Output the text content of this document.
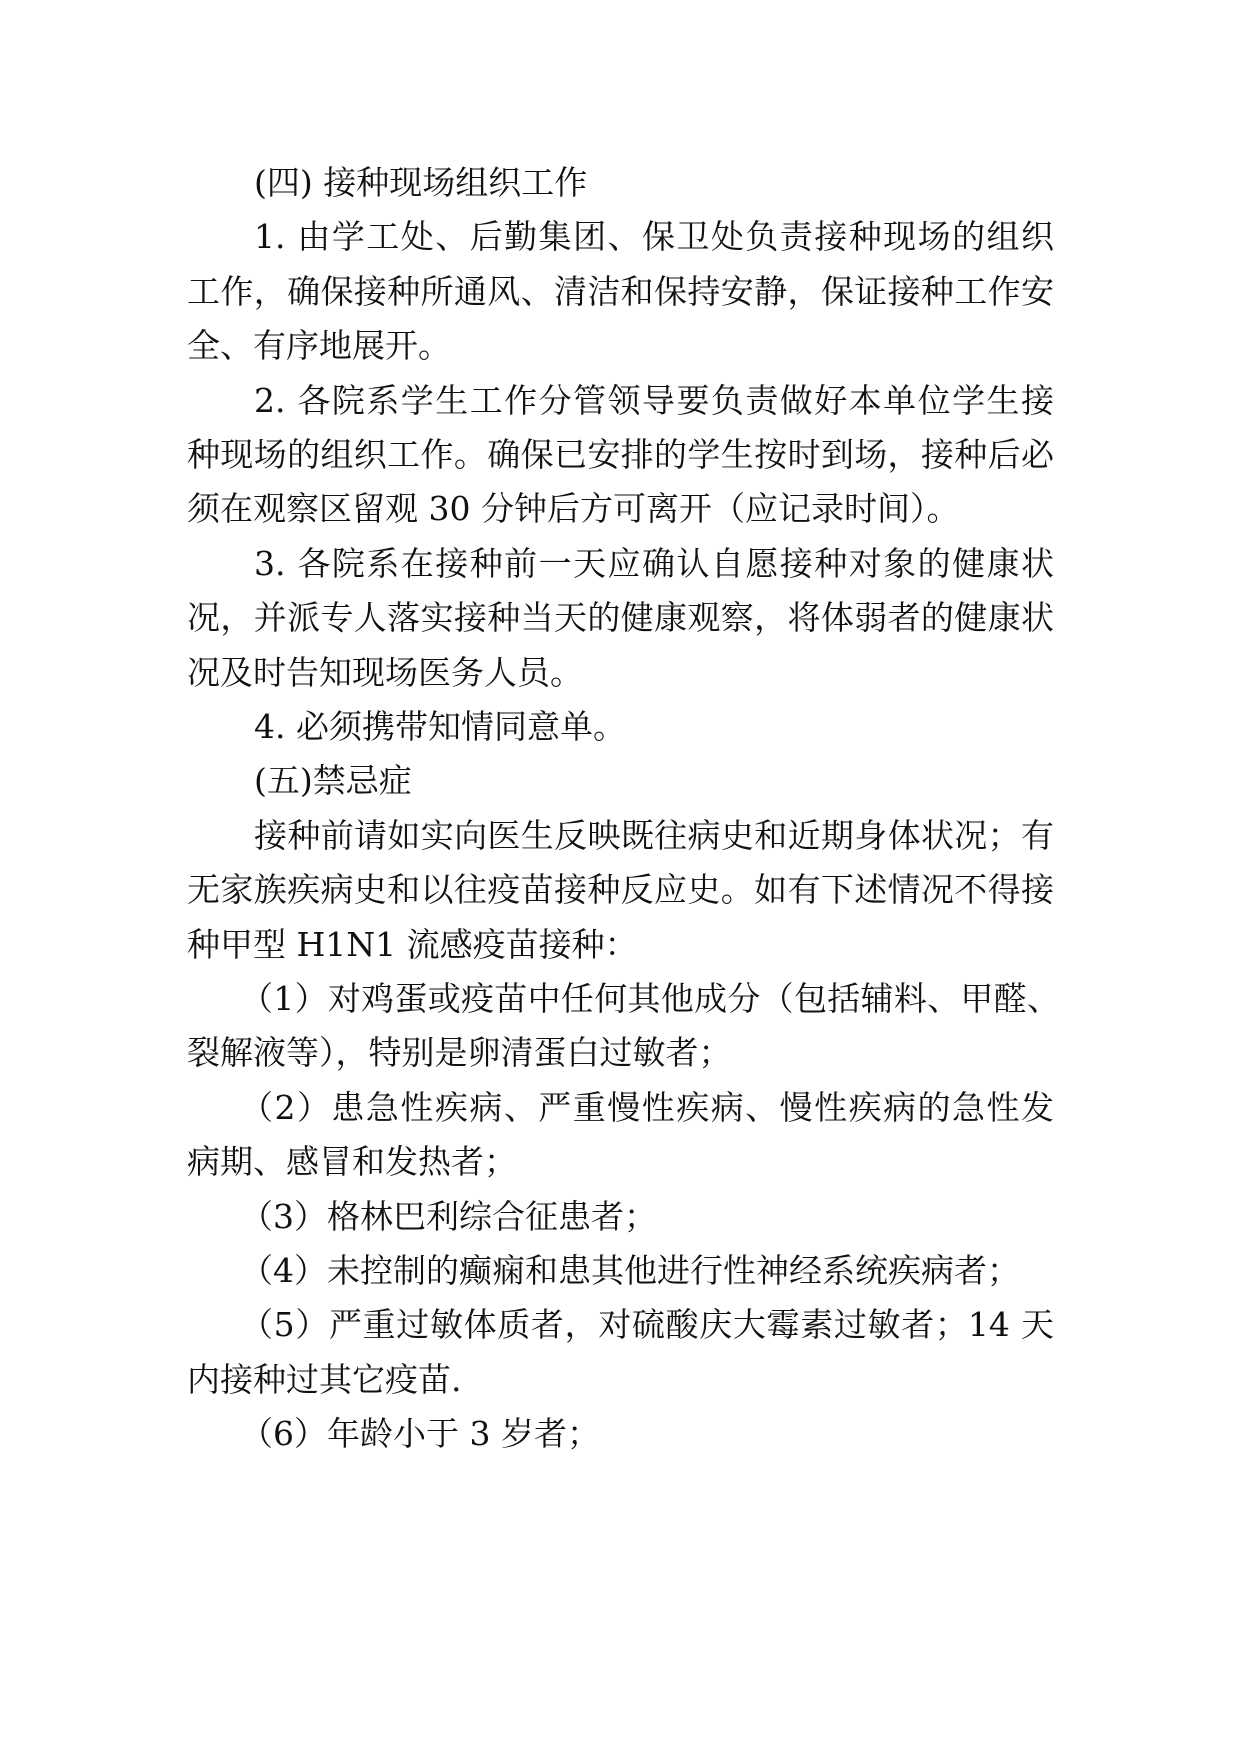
(四) 接种现场组织工作
1. 由学工处、后勤集团、保卫处负责接种现场的组织
工作，确保接种所通风、清洁和保持安静，保证接种工作安
全、有序地展开。
2. 各院系学生工作分管领导要负责做好本单位学生接
种现场的组织工作。确保已安排的学生按时到场，接种后必
须在观察区留观 30 分钟后方可离开（应记录时间）。
3. 各院系在接种前一天应确认自愿接种对象的健康状
况，并派专人落实接种当天的健康观察，将体弱者的健康状
况及时告知现场医务人员。
4. 必须携带知情同意单。
(五)禁忌症
接种前请如实向医生反映既往病史和近期身体状况；有
无家族疾病史和以往疫苗接种反应史。如有下述情况不得接
种甲型 H1N1 流感疫苗接种：
（1）对鸡蛋或疫苗中任何其他成分（包括辅料、甲醛、
裂解液等），特别是卵清蛋白过敏者；
（2）患急性疾病、严重慢性疾病、慢性疾病的急性发
病期、感冒和发热者；
（3）格林巴利综合征患者；
（4）未控制的癫痫和患其他进行性神经系统疾病者；
（5）严重过敏体质者，对硫酸庆大霉素过敏者；14 天
内接种过其它疫苗.
（6）年龄小于 3 岁者；
